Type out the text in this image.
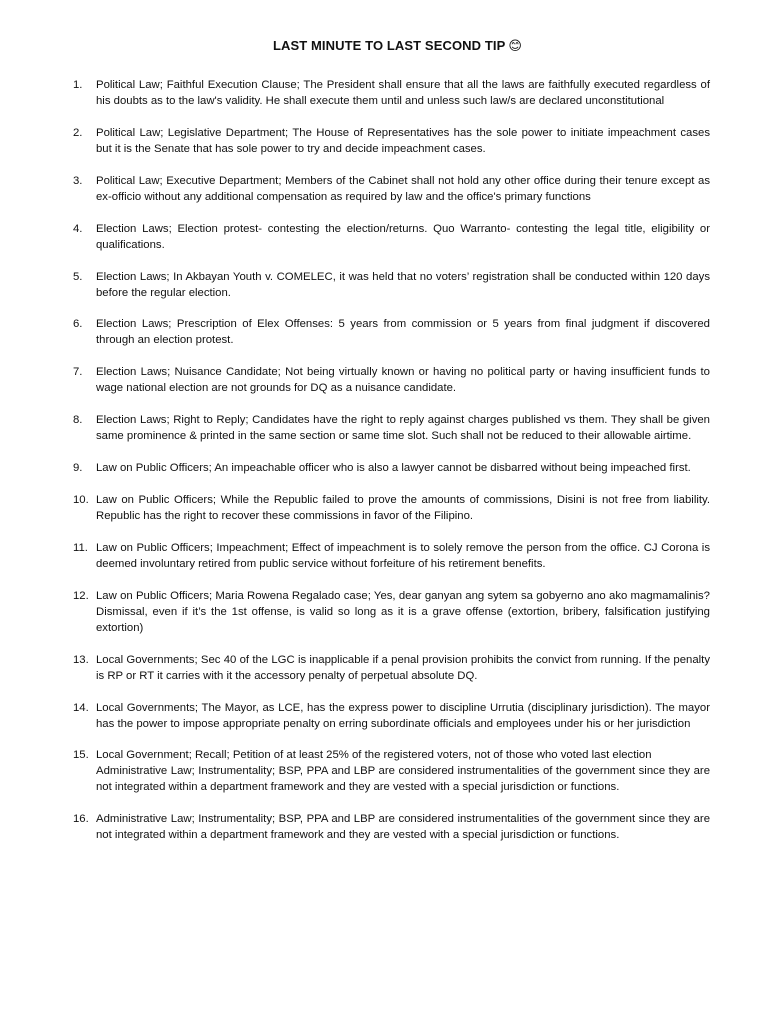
LAST MINUTE TO LAST SECOND TIP 😊
1.	Political Law; Faithful Execution Clause; The President shall ensure that all the laws are faithfully executed regardless of his doubts as to the law's validity. He shall execute them until and unless such law/s are declared unconstitutional

2.	Political Law; Legislative Department; The House of Representatives has the sole power to initiate impeachment cases but it is the Senate that has sole power to try and decide impeachment cases.

3.	Political Law; Executive Department; Members of the Cabinet shall not hold any other office during their tenure except as ex-officio without any additional compensation as required by law and the office's primary functions

4.	Election Laws; Election protest- contesting the election/returns. Quo Warranto- contesting the legal title, eligibility or qualifications.

5.	Election Laws; In Akbayan Youth v. COMELEC, it was held that no voters’ registration shall be conducted within 120 days before the regular election.

6.	Election Laws; Prescription of Elex Offenses: 5 years from commission or 5 years from final judgment if discovered through an election protest.

7.	Election Laws; Nuisance Candidate; Not being virtually known or having no political party or having insufficient funds to wage national election are not grounds for DQ as a nuisance candidate.

8.	Election Laws; Right to Reply; Candidates have the right to reply against charges published vs them. They shall be given same prominence & printed in the same section or same time slot. Such shall not be reduced to their allowable airtime.

9.	Law on Public Officers; An impeachable officer who is also a lawyer cannot be disbarred without being impeached first.

10. Law on Public Officers; While the Republic failed to prove the amounts of commissions, Disini is not free from liability. Republic has the right to recover these commissions in favor of the Filipino.

11. Law on Public Officers; Impeachment; Effect of impeachment is to solely remove the person from the office. CJ Corona is deemed involuntary retired from public service without forfeiture of his retirement benefits.

12. Law on Public Officers; Maria Rowena Regalado case; Yes, dear ganyan ang sytem sa gobyerno ano ako magmamalinis? Dismissal, even if it’s the 1st offense, is valid so long as it is a grave offense (extortion, bribery, falsification justifying extortion)

13. Local Governments; Sec 40 of the LGC is inapplicable if a penal provision prohibits the convict from running. If the penalty is RP or RT it carries with it the accessory penalty of perpetual absolute DQ.

14. Local Governments; The Mayor, as LCE, has the express power to discipline Urrutia (disciplinary jurisdiction). The mayor has the power to impose appropriate penalty on erring subordinate officials and employees under his or her jurisdiction

15. Local Government; Recall; Petition of at least 25% of the registered voters, not of those who voted last election

Administrative Law; Instrumentality; BSP, PPA and LBP are considered instrumentalities of the government since they are not integrated within a department framework and they are vested with a special jurisdiction or functions.

16. Administrative Law; Instrumentality; BSP, PPA and LBP are considered instrumentalities of the government since they are not integrated within a department framework and they are vested with a special jurisdiction or functions.
